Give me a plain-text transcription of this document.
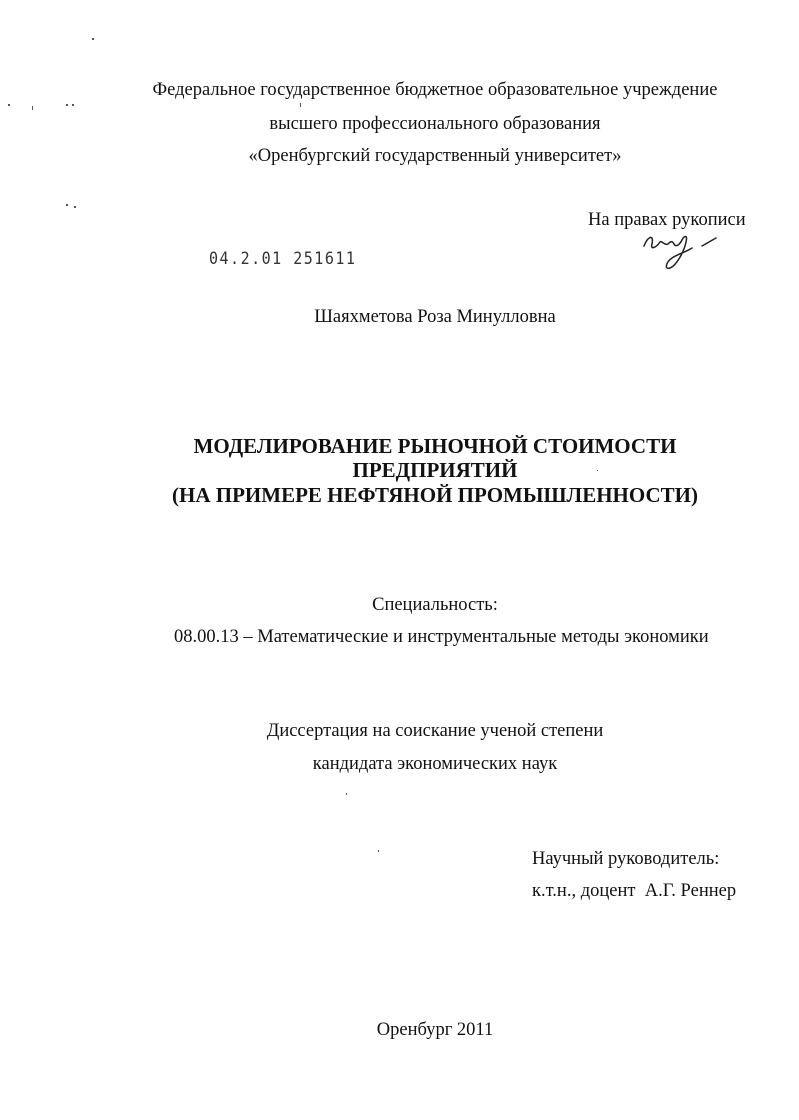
Федеральное государственное бюджетное образовательное учреждение
высшего профессионального образования
«Оренбургский государственный университет»
На правах рукописи
04.2.01 251611
Шаяхметова Роза Минулловна
МОДЕЛИРОВАНИЕ РЫНОЧНОЙ СТОИМОСТИ
ПРЕДПРИЯТИЙ
(НА ПРИМЕРЕ НЕФТЯНОЙ ПРОМЫШЛЕННОСТИ)
Специальность:
08.00.13 – Математические и инструментальные методы экономики
Диссертация на соискание ученой степени
кандидата экономических наук
Научный руководитель:
к.т.н., доцент  А.Г. Реннер
Оренбург 2011
